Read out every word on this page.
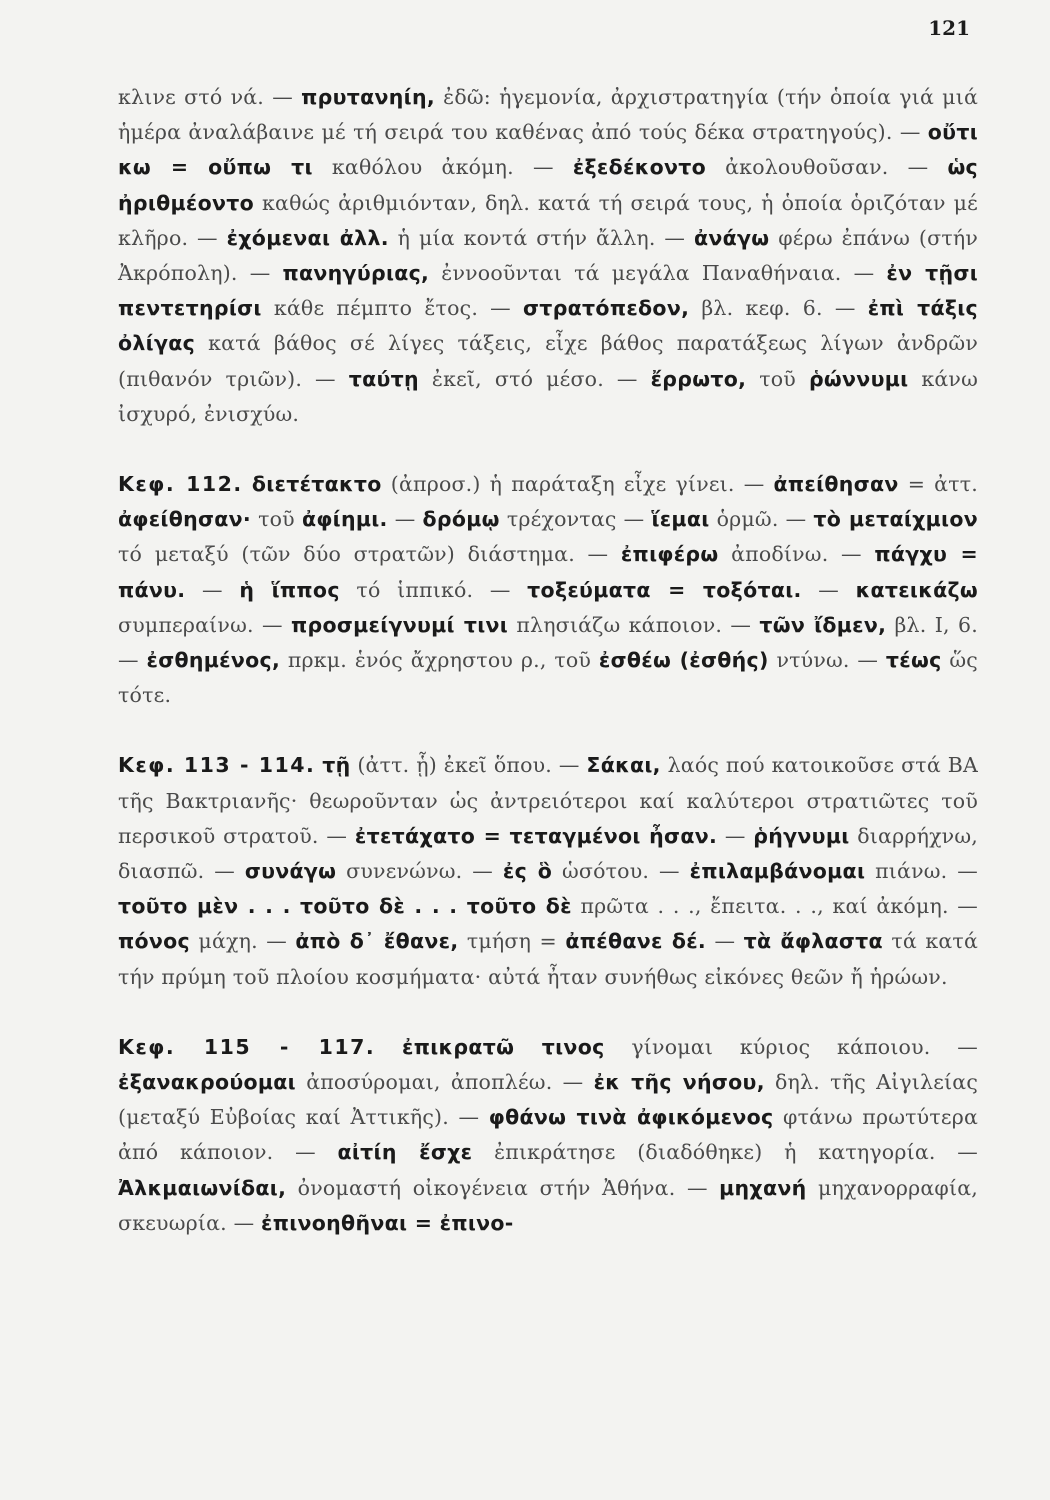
121

κλινε στό νά. — πρυτανηίη, ἐδῶ: ἡγεμονία, ἀρχιστρατηγία (τήν ὁποία γιά μιά ἡμέρα ἀναλάβαινε μέ τή σειρά του καθένας ἀπό τούς δέκα στρατηγούς). — οὔτι κω = οὔπω τι καθόλου ἀκόμη. — ἐξεδέκοντο ἀκολουθοῦσαν. — ὡς ἠριθμέοντο καθώς ἀριθμιόνταν, δηλ. κατά τή σειρά τους, ἡ ὁποία ὁριζόταν μέ κλῆρο. — ἐχόμεναι ἀλλ. ἡ μία κοντά στήν ἄλλη. — ἀνάγω φέρω ἐπάνω (στήν Ἀκρόπολη). — πανηγύριας, ἐννοοῦνται τά μεγάλα Παναθήναια. — ἐν τῇσι πεντετηρίσι κάθε πέμπτο ἔτος. — στρατόπεδον, βλ. κεφ. 6. — ἐπὶ τάξις ὀλίγας κατά βάθος σέ λίγες τάξεις, εἶχε βάθος παρατάξεως λίγων ἀνδρῶν (πιθανόν τριῶν). — ταύτῃ ἐκεῖ, στό μέσο. — ἔρρωτο, τοῦ ῥώννυμι κάνω ἰσχυρό, ἐνισχύω.

Κεφ. 112. διετέτακτο (ἀπροσ.) ἡ παράταξη εἶχε γίνει. — ἀπείθησαν = ἀττ. ἀφείθησαν· τοῦ ἀφίημι. — δρόμῳ τρέχοντας — ἵεμαι ὁρμῶ. — τὸ μεταίχμιον τό μεταξύ (τῶν δύο στρατῶν) διάστημα. — ἐπιφέρω ἀποδίνω. — πάγχυ = πάνυ. — ἡ ἵππος τό ἱππικό. — τοξεύματα = τοξόται. — κατεικάζω συμπεραίνω. — προσμείγνυμί τινι πλησιάζω κάποιον. — τῶν ἴδμεν, βλ. Ι, 6. — ἐσθημένος, πρκμ. ἑνός ἄχρηστου ρ., τοῦ ἐσθέω (ἐσθής) ντύνω. — τέως ὥς τότε.

Κεφ. 113 - 114. τῇ (ἀττ. ᾗ) ἐκεῖ ὅπου. — Σάκαι, λαός πού κατοικοῦσε στά ΒΑ τῆς Βακτριανῆς· θεωροῦνταν ὡς ἀντρειότεροι καί καλύτεροι στρατιῶτες τοῦ περσικοῦ στρατοῦ. — ἐτετάχατο = τεταγμένοι ἦσαν. — ῥήγνυμι διαρρήχνω, διασπῶ. — συνάγω συνενώνω. — ἐς ὃ ὡσότου. — ἐπιλαμβάνομαι πιάνω. — τοῦτο μὲν . . . τοῦτο δὲ . . . τοῦτο δὲ πρῶτα . . ., ἔπειτα. . ., καί ἀκόμη. — πόνος μάχη. — ἀπὸ δ᾽ ἔθανε, τμήση = ἀπέθανε δέ. — τὰ ἄφλαστα τά κατά τήν πρύμη τοῦ πλοίου κοσμήματα· αὐτά ἦταν συνήθως εἰκόνες θεῶν ἤ ἡρώων.

Κεφ. 115 - 117. ἐπικρατῶ τινος γίνομαι κύριος κάποιου. — ἐξανακρούομαι ἀποσύρομαι, ἀποπλέω. — ἐκ τῆς νήσου, δηλ. τῆς Αἰγιλείας (μεταξύ Εὐβοίας καί Ἀττικῆς). — φθάνω τινὰ ἀφικόμενος φτάνω πρωτύτερα ἀπό κάποιον. — αἰτίη ἔσχε ἐπικράτησε (διαδόθηκε) ἡ κατηγορία. — Ἀλκμαιωνίδαι, ὀνομαστή οἰκογένεια στήν Ἀθήνα. — μηχανή μηχανορραφία, σκευωρία. — ἐπινοηθῆναι = ἐπινο-
